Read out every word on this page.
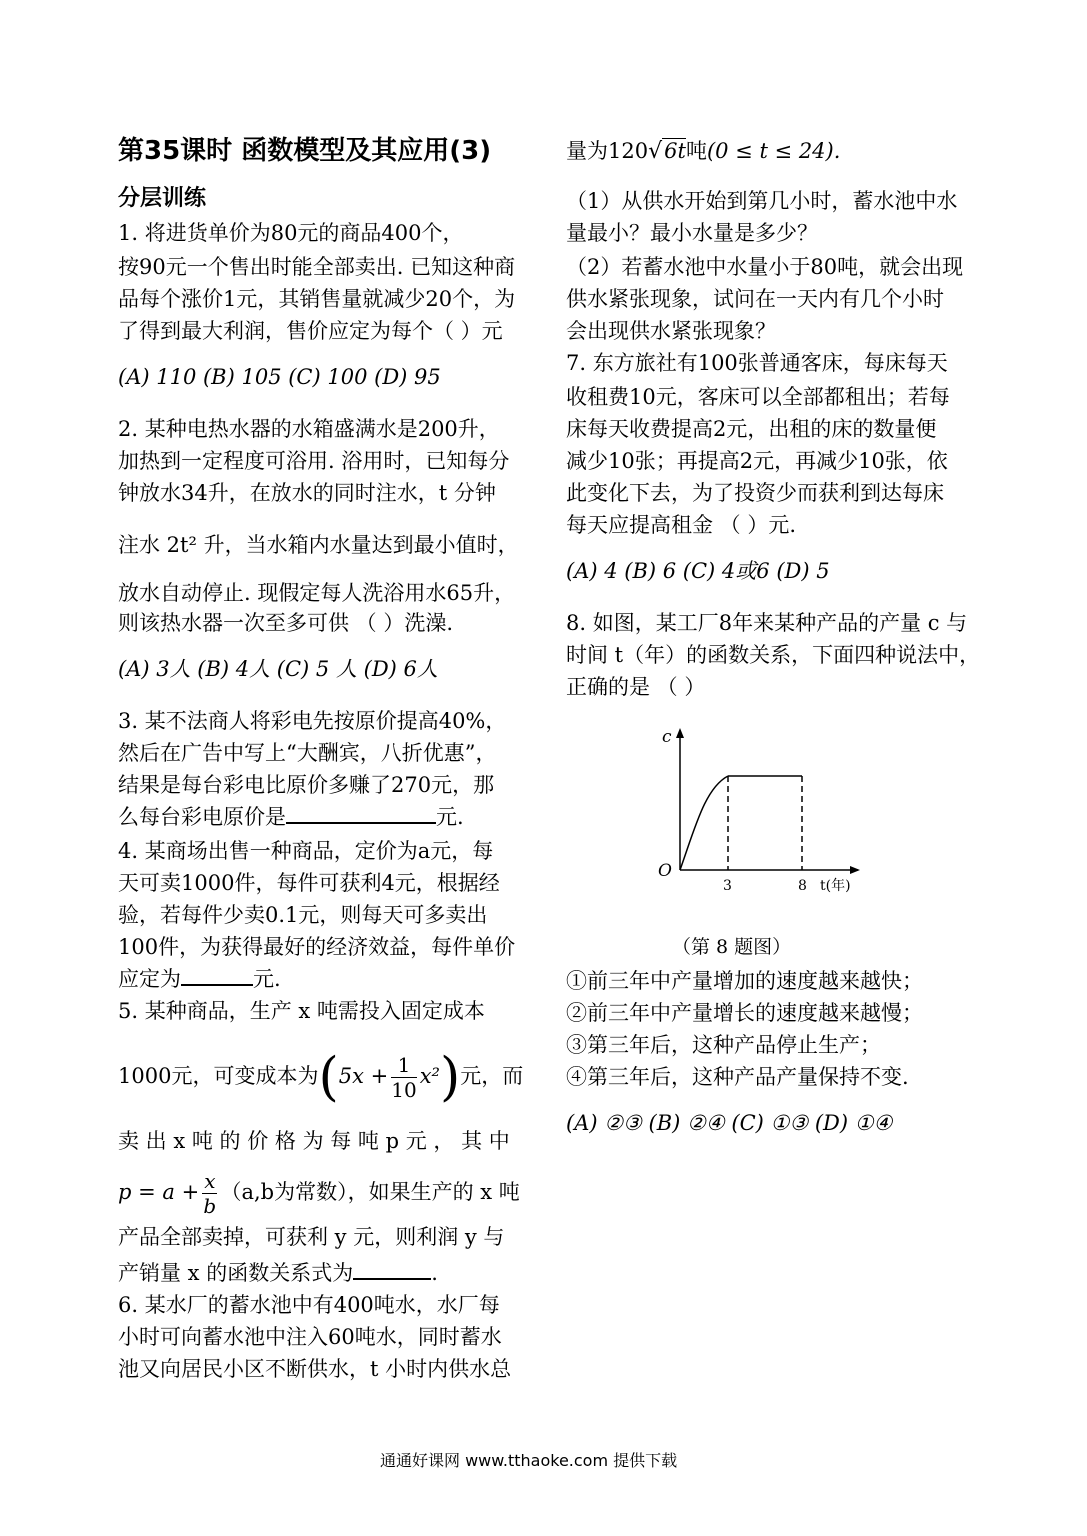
第35课时 函数模型及其应用(3)
分层训练
1. 将进货单价为80元的商品400个，
按90元一个售出时能全部卖出. 已知这种商
品每个涨价1元，其销售量就减少20个，为
了得到最大利润，售价应定为每个（ ）元
(A) 110 (B) 105 (C) 100 (D) 95
2. 某种电热水器的水箱盛满水是200升，
加热到一定程度可浴用. 浴用时，已知每分
钟放水34升，在放水的同时注水，t 分钟
注水 2t² 升，当水箱内水量达到最小值时，
放水自动停止. 现假定每人洗浴用水65升，
则该热水器一次至多可供 （ ）洗澡.
(A) 3人 (B) 4人 (C) 5 人 (D) 6人
3. 某不法商人将彩电先按原价提高40%，
然后在广告中写上“大酬宾，八折优惠”，
结果是每台彩电比原价多赚了270元，那
么每台彩电原价是	元.
4. 某商场出售一种商品，定价为a元，每
天可卖1000件，每件可获利4元，根据经
验，若每件少卖0.1元，则每天可多卖出
100件，为获得最好的经济效益，每件单价
应定为	元.
5. 某种商品，生产 x 吨需投入固定成本
1000元，可变成本为$(5x + \frac{1}{10} x^2)$元，而
卖 出 x 吨 的 价 格 为 每 吨 p 元 ， 其 中
$p = a + \frac{x}{b} (a,b$为常数），如果生产的 x 吨
产品全部卖掉，可获利 y 元，则利润 y 与
产销量 x 的函数关系式为	.
6. 某水厂的蓄水池中有400吨水，水厂每
小时可向蓄水池中注入60吨水，同时蓄水
池又向居民小区不断供水，t 小时内供水总
量为120√6t吨(0 ≤ t ≤ 24).
（1）从供水开始到第几小时，蓄水池中水
量最小？最小水量是多少？
（2）若蓄水池中水量小于80吨，就会出现
供水紧张现象，试问在一天内有几个小时
会出现供水紧张现象？
7. 东方旅社有100张普通客床，每床每天
收租费10元，客床可以全部都租出；若每
床每天收费提高2元，出租的床的数量便
减少10张；再提高2元，再减少10张，依
此变化下去，为了投资少而获利到达每床
每天应提高租金 （ ）元.
(A) 4 (B) 6 (C) 4或6 (D) 5
8. 如图，某工厂8年来某种产品的产量 c 与
时间 t（年）的函数关系，下面四种说法中，
正确的是 （ ）
c
O
3	8 t(年)
（第 8 题图）
①前三年中产量增加的速度越来越快；
②前三年中产量增长的速度越来越慢；
③第三年后，这种产品停止生产；
④第三年后，这种产品产量保持不变.
(A) ②③ (B) ②④ (C) ①③ (D) ①④
通通好课网 www.tthaoke.com 提供下载
